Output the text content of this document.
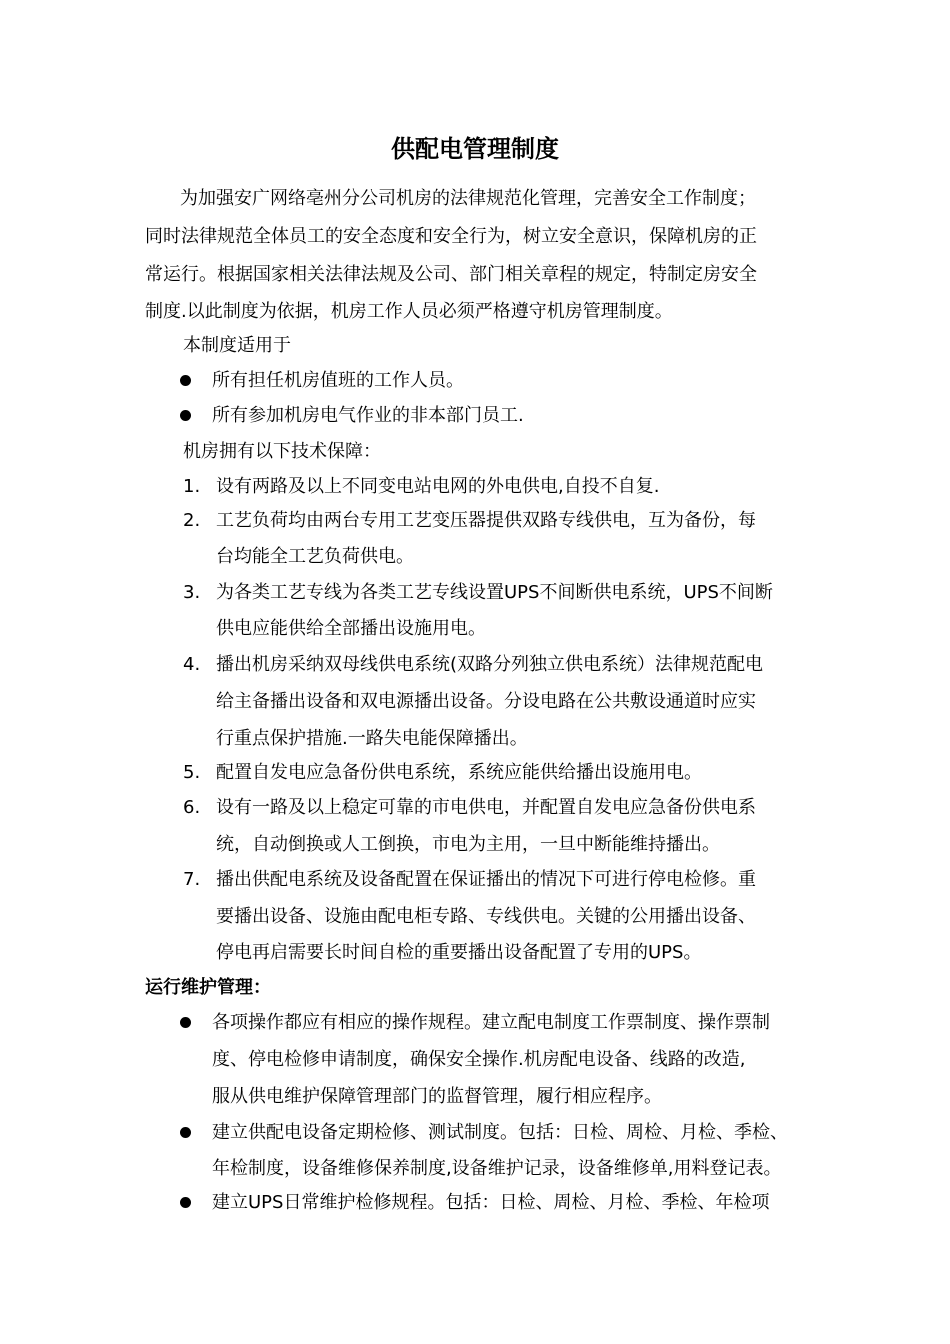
供配电管理制度
为加强安广网络亳州分公司机房的法律规范化管理，完善安全工作制度；
同时法律规范全体员工的安全态度和安全行为，树立安全意识，保障机房的正
常运行。根据国家相关法律法规及公司、部门相关章程的规定，特制定房安全
制度.以此制度为依据，机房工作人员必须严格遵守机房管理制度。
本制度适用于
所有担任机房值班的工作人员。
所有参加机房电气作业的非本部门员工.
机房拥有以下技术保障：
1. 设有两路及以上不同变电站电网的外电供电,自投不自复.
2. 工艺负荷均由两台专用工艺变压器提供双路专线供电，互为备份，每
台均能全工艺负荷供电。
3. 为各类工艺专线为各类工艺专线设置UPS不间断供电系统，UPS不间断
供电应能供给全部播出设施用电。
4. 播出机房采纳双母线供电系统(双路分列独立供电系统）法律规范配电
给主备播出设备和双电源播出设备。分设电路在公共敷设通道时应实
行重点保护措施.一路失电能保障播出。
5. 配置自发电应急备份供电系统，系统应能供给播出设施用电。
6. 设有一路及以上稳定可靠的市电供电，并配置自发电应急备份供电系
统，自动倒换或人工倒换，市电为主用，一旦中断能维持播出。
7. 播出供配电系统及设备配置在保证播出的情况下可进行停电检修。重
要播出设备、设施由配电柜专路、专线供电。关键的公用播出设备、
停电再启需要长时间自检的重要播出设备配置了专用的UPS。
运行维护管理：
各项操作都应有相应的操作规程。建立配电制度工作票制度、操作票制
度、停电检修申请制度，确保安全操作.机房配电设备、线路的改造,
服从供电维护保障管理部门的监督管理，履行相应程序。
建立供配电设备定期检修、测试制度。包括：日检、周检、月检、季检、
年检制度，设备维修保养制度,设备维护记录，设备维修单,用料登记表。
建立UPS日常维护检修规程。包括：日检、周检、月检、季检、年检项
